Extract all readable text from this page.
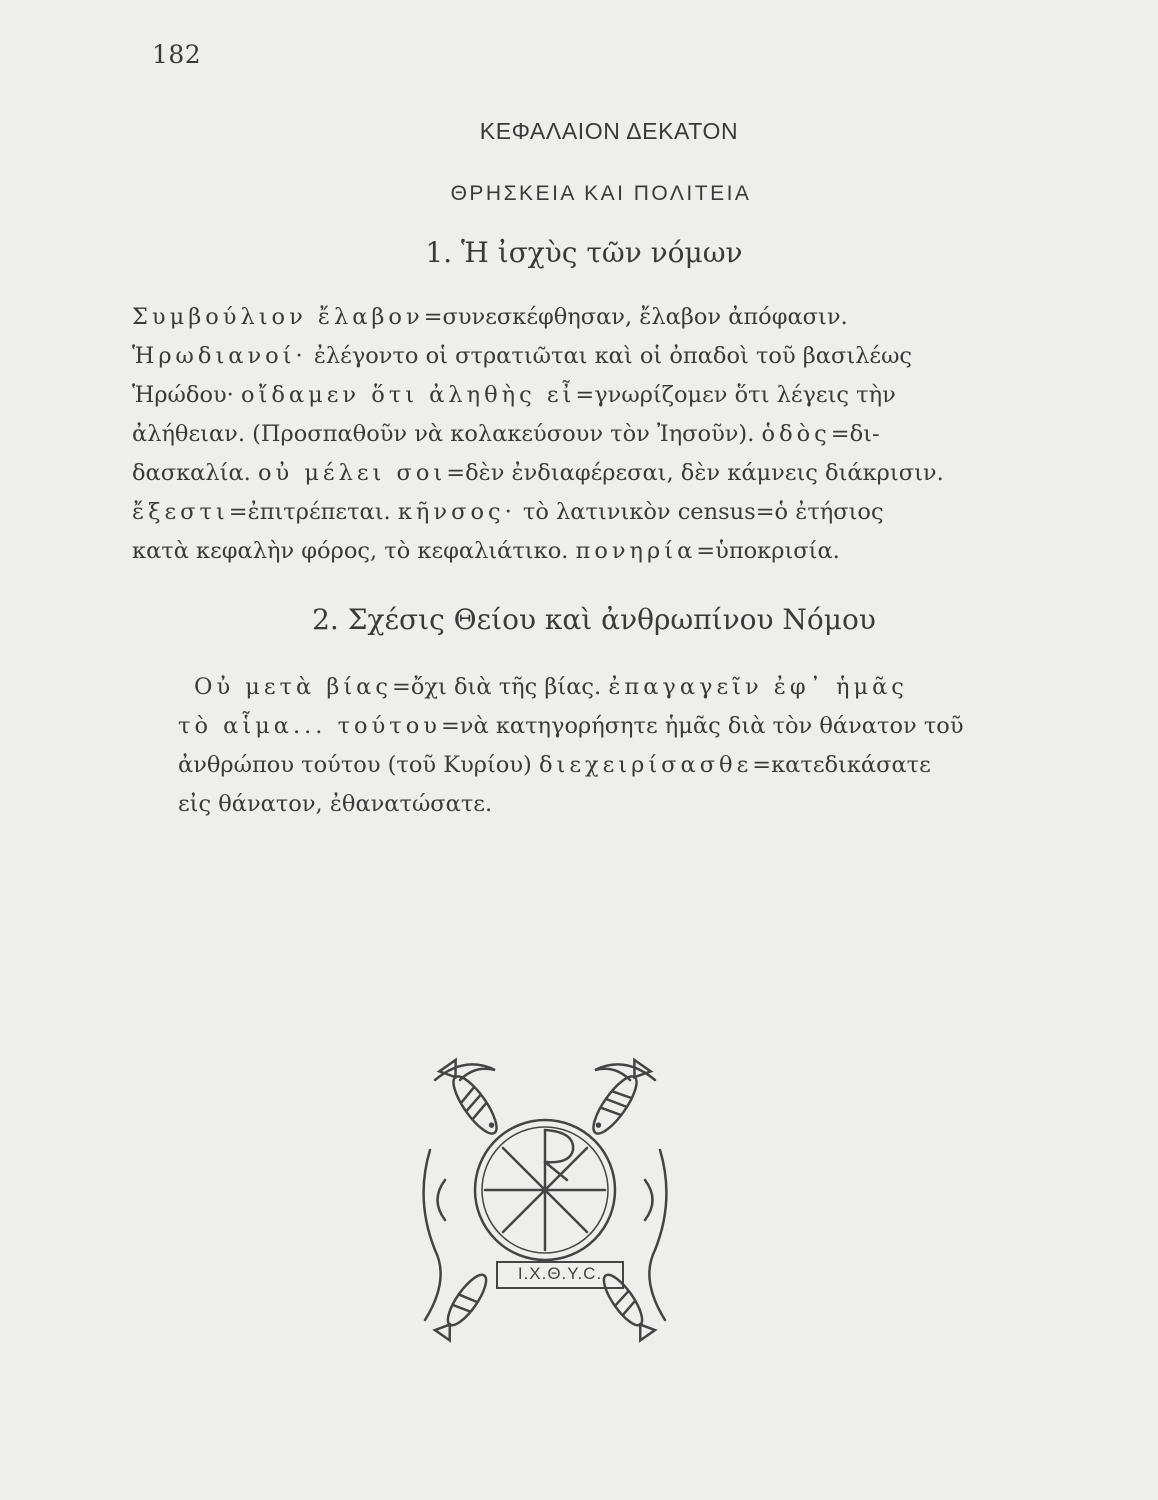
182
ΚΕΦΑΛΑΙΟΝ ΔΕΚΑΤΟΝ
ΘΡΗΣΚΕΙΑ ΚΑΙ ΠΟΛΙΤΕΙΑ
1. Ἡ ἰσχὺς τῶν νόμων
Συμβούλιον ἔλαβον=συνεσκέφθησαν, ἔλαβον ἀπόφασιν.
Ἡρωδιανοί· ἐλέγοντο οἱ στρατιῶται καὶ οἱ ὀπαδοὶ τοῦ βασιλέως
Ἡρώδου· οἴδαμεν ὅτι ἀληθὴς εἶ=γνωρίζομεν ὅτι λέγεις τὴν
ἀλήθειαν. (Προσπαθοῦν νὰ κολακεύσουν τὸν Ἰησοῦν). ὁδὸς=δι-
δασκαλία. οὐ μέλει σοι=δὲν ἐνδιαφέρεσαι, δὲν κάμνεις διάκρισιν.
ἔξεστι=ἐπιτρέπεται. κῆνσος· τὸ λατινικὸν census=ὁ ἐτήσιος
κατὰ κεφαλὴν φόρος, τὸ κεφαλιάτικο. πονηρία=ὑποκρισία.
2. Σχέσις Θείου καὶ ἀνθρωπίνου Νόμου
Οὐ μετὰ βίας=ὄχι διὰ τῆς βίας. ἐπαγαγεῖν ἐφ᾽ ἡμᾶς
τὸ αἷμα... τούτου=νὰ κατηγορήσητε ἡμᾶς διὰ τὸν θάνατον τοῦ
ἀνθρώπου τούτου (τοῦ Κυρίου) διεχειρίσασθε=κατεδικάσατε
εἰς θάνατον, ἐθανατώσατε.
Ι.Χ.Θ.Υ.C.
